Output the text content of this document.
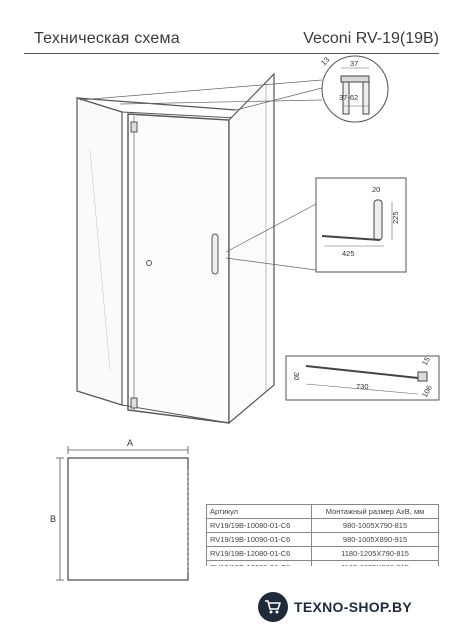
Техническая схема	Veconi RV-19(19B)
13 37
37-62
20
225
425
30
730
15
106
A
B
Артикул	Монтажный размер АхВ, мм
RV19/19B-10080-01-C6	980-1005X790-815
RV19/19B-10090-01-C6	980-1005X890-915
RV19/19B-12080-01-C6	1180-1205X790-815

TEXNO-SHOP.BY
